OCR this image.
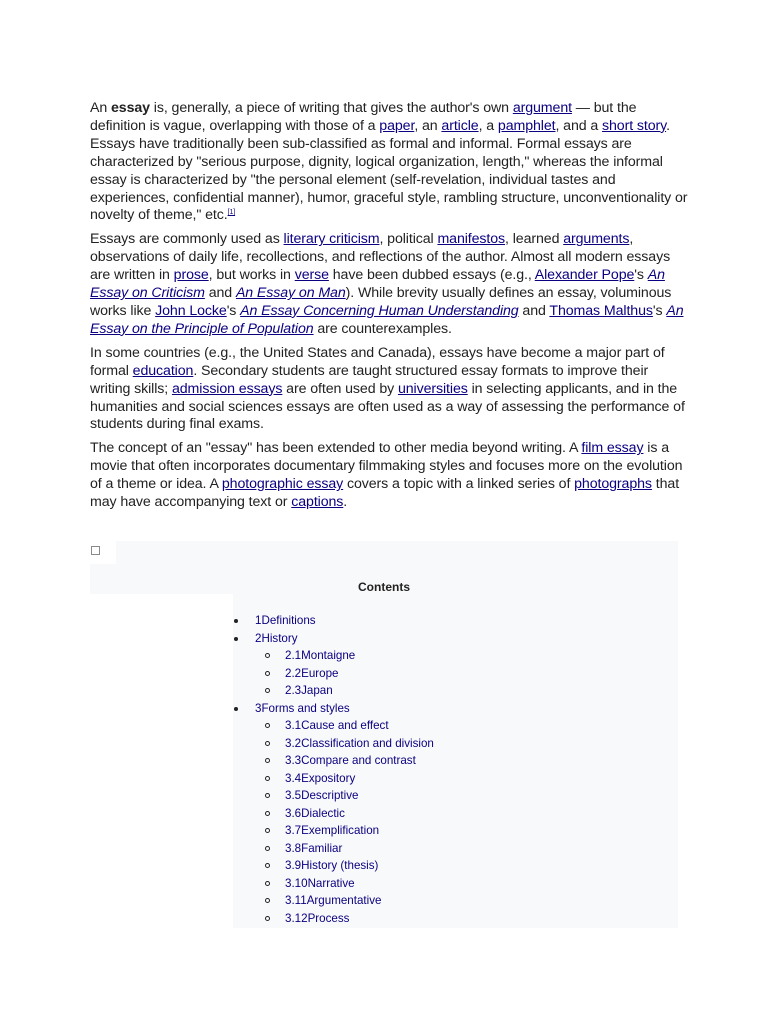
An essay is, generally, a piece of writing that gives the author's own argument — but the definition is vague, overlapping with those of a paper, an article, a pamphlet, and a short story. Essays have traditionally been sub-classified as formal and informal. Formal essays are characterized by "serious purpose, dignity, logical organization, length," whereas the informal essay is characterized by "the personal element (self-revelation, individual tastes and experiences, confidential manner), humor, graceful style, rambling structure, unconventionality or novelty of theme," etc.[1]

Essays are commonly used as literary criticism, political manifestos, learned arguments, observations of daily life, recollections, and reflections of the author. Almost all modern essays are written in prose, but works in verse have been dubbed essays (e.g., Alexander Pope's An Essay on Criticism and An Essay on Man). While brevity usually defines an essay, voluminous works like John Locke's An Essay Concerning Human Understanding and Thomas Malthus's An Essay on the Principle of Population are counterexamples.

In some countries (e.g., the United States and Canada), essays have become a major part of formal education. Secondary students are taught structured essay formats to improve their writing skills; admission essays are often used by universities in selecting applicants, and in the humanities and social sciences essays are often used as a way of assessing the performance of students during final exams.

The concept of an "essay" has been extended to other media beyond writing. A film essay is a movie that often incorporates documentary filmmaking styles and focuses more on the evolution of a theme or idea. A photographic essay covers a topic with a linked series of photographs that may have accompanying text or captions.

Contents
1Definitions
2History
2.1Montaigne
2.2Europe
2.3Japan
3Forms and styles
3.1Cause and effect
3.2Classification and division
3.3Compare and contrast
3.4Expository
3.5Descriptive
3.6Dialectic
3.7Exemplification
3.8Familiar
3.9History (thesis)
3.10Narrative
3.11Argumentative
3.12Process
